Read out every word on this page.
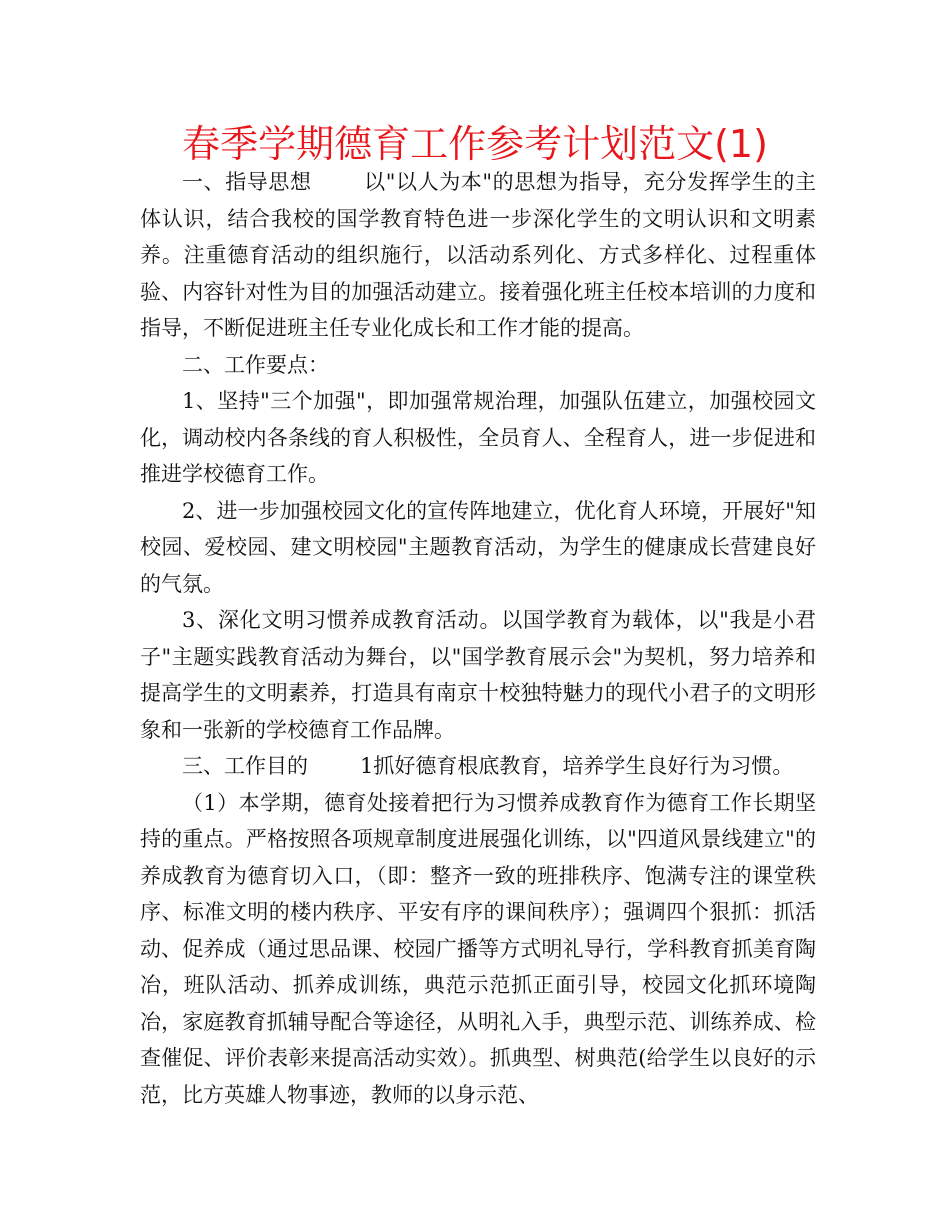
春季学期德育工作参考计划范文(1)

一、指导思想 以"以人为本"的思想为指导，充分发挥学生的主体认识，结合我校的国学教育特色进一步深化学生的文明认识和文明素养。注重德育活动的组织施行，以活动系列化、方式多样化、过程重体验、内容针对性为目的加强活动建立。接着强化班主任校本培训的力度和指导，不断促进班主任专业化成长和工作才能的提高。

二、工作要点：

1、坚持"三个加强"，即加强常规治理，加强队伍建立，加强校园文化，调动校内各条线的育人积极性，全员育人、全程育人，进一步促进和推进学校德育工作。

2、进一步加强校园文化的宣传阵地建立，优化育人环境，开展好"知校园、爱校园、建文明校园"主题教育活动，为学生的健康成长营建良好的气氛。

3、深化文明习惯养成教育活动。以国学教育为载体，以"我是小君子"主题实践教育活动为舞台，以"国学教育展示会"为契机，努力培养和提高学生的文明素养，打造具有南京十校独特魅力的现代小君子的文明形象和一张新的学校德育工作品牌。

三、工作目的 1抓好德育根底教育，培养学生良好行为习惯。

（1）本学期，德育处接着把行为习惯养成教育作为德育工作长期坚持的重点。严格按照各项规章制度进展强化训练，以"四道风景线建立"的养成教育为德育切入口，（即：整齐一致的班排秩序、饱满专注的课堂秩序、标准文明的楼内秩序、平安有序的课间秩序）；强调四个狠抓：抓活动、促养成（通过思品课、校园广播等方式明礼导行，学科教育抓美育陶冶，班队活动、抓养成训练，典范示范抓正面引导，校园文化抓环境陶冶，家庭教育抓辅导配合等途径，从明礼入手，典型示范、训练养成、检查催促、评价表彰来提高活动实效）。抓典型、树典范(给学生以良好的示范，比方英雄人物事迹，教师的以身示范、
